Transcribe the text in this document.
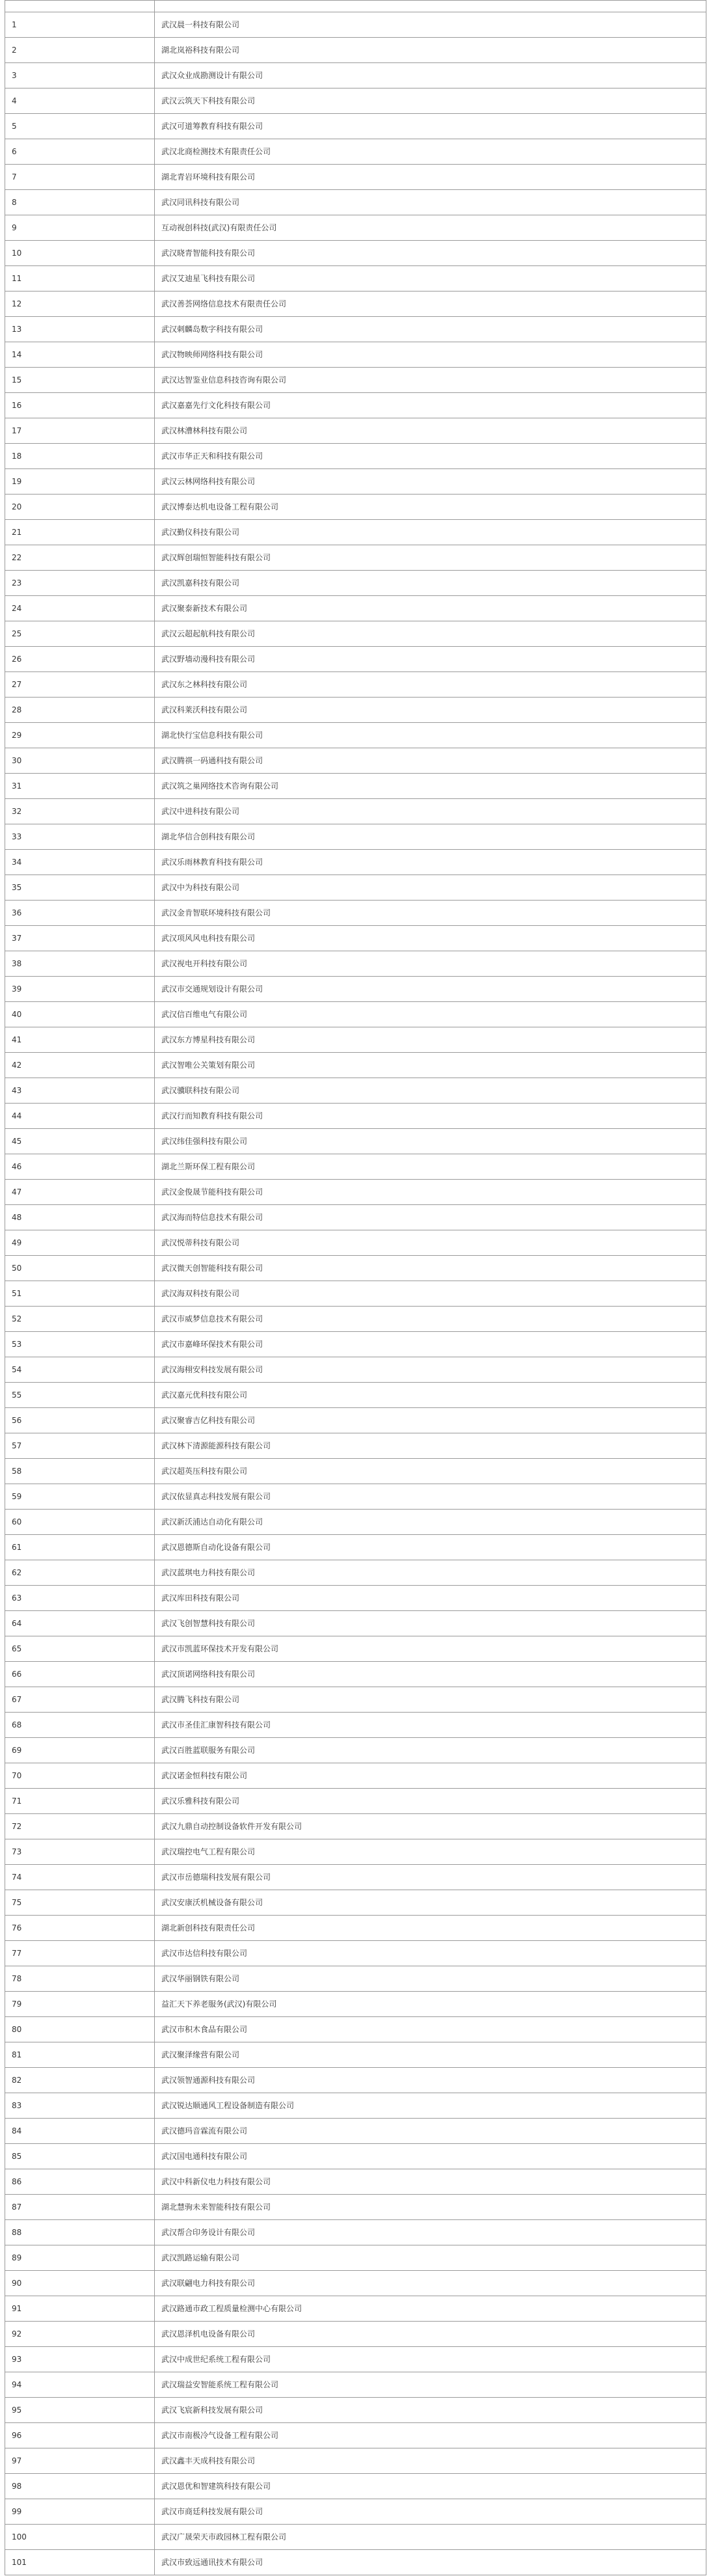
1	武汉晨一科技有限公司
2	湖北岚裕科技有限公司
3	武汉众业成勘测设计有限公司
4	武汉云筑天下科技有限公司
5	武汉可道筹教育科技有限公司
6	武汉北商检测技术有限责任公司
7	湖北青岩环境科技有限公司
8	武汉同讯科技有限公司
9	互动视创科技(武汉)有限责任公司
10	武汉晓青智能科技有限公司
11	武汉艾迪星飞科技有限公司
12	武汉善荟网络信息技术有限责任公司
13	武汉刺麟岛数字科技有限公司
14	武汉物映师网络科技有限公司
15	武汉达智鉴业信息科技咨询有限公司
16	武汉嘉嘉先行文化科技有限公司
17	武汉林漕林科技有限公司
18	武汉市华正天和科技有限公司
19	武汉云林网络科技有限公司
20	武汉博泰达机电设备工程有限公司
21	武汉勤仪科技有限公司
22	武汉辉创瑞恒智能科技有限公司
23	武汉凯嘉科技有限公司
24	武汉聚泰新技术有限公司
25	武汉云超起航科技有限公司
26	武汉野墙动漫科技有限公司
27	武汉东之林科技有限公司
28	武汉科莱沃科技有限公司
29	湖北快行宝信息科技有限公司
30	武汉腾祺一码通科技有限公司
31	武汉筑之巢网络技术咨询有限公司
32	武汉中进科技有限公司
33	湖北华信合创科技有限公司
34	武汉乐雨林教育科技有限公司
35	武汉中为科技有限公司
36	武汉金肯智联环境科技有限公司
37	武汉项风风电科技有限公司
38	武汉视电开科技有限公司
39	武汉市交通规划设计有限公司
40	武汉信百维电气有限公司
41	武汉东方博星科技有限公司
42	武汉智唯公关策划有限公司
43	武汉骥联科技有限公司
44	武汉行而知教育科技有限公司
45	武汉纬佳强科技有限公司
46	湖北兰斯环保工程有限公司
47	武汉金俊晟节能科技有限公司
48	武汉海而特信息技术有限公司
49	武汉悦蒂科技有限公司
50	武汉微天创智能科技有限公司
51	武汉海双科技有限公司
52	武汉市威梦信息技术有限公司
53	武汉市嘉峰环保技术有限公司
54	武汉海栩安科技发展有限公司
55	武汉嘉元优科技有限公司
56	武汉聚睿吉亿科技有限公司
57	武汉林下清源能源科技有限公司
58	武汉超英压科技有限公司
59	武汉依显真志科技发展有限公司
60	武汉新沃浦达自动化有限公司
61	武汉恩德斯自动化设备有限公司
62	武汉蓝琪电力科技有限公司
63	武汉库田科技有限公司
64	武汉飞创智慧科技有限公司
65	武汉市凯蓝环保技术开发有限公司
66	武汉顶诺网络科技有限公司
67	武汉腾飞科技有限公司
68	武汉市圣佳汇康智科技有限公司
69	武汉百胜蓝联服务有限公司
70	武汉诺金恒科技有限公司
71	武汉乐雅科技有限公司
72	武汉九鼎自动控制设备软件开发有限公司
73	武汉瑞控电气工程有限公司
74	武汉市岳德瑞科技发展有限公司
75	武汉安康沃机械设备有限公司
76	湖北新创科技有限责任公司
77	武汉市达信科技有限公司
78	武汉华丽钢铁有限公司
79	益汇天下养老服务(武汉)有限公司
80	武汉市积木食品有限公司
81	武汉聚泽缘营有限公司
82	武汉领智通源科技有限公司
83	武汉锐达顺通风工程设备制造有限公司
84	武汉德玛音霖流有限公司
85	武汉国电通科技有限公司
86	武汉中科新仪电力科技有限公司
87	湖北慧驹未来智能科技有限公司
88	武汉帮合印务设计有限公司
89	武汉凯路运输有限公司
90	武汉联翩电力科技有限公司
91	武汉路通市政工程质量检测中心有限公司
92	武汉恩泽机电设备有限公司
93	武汉中成世纪系统工程有限公司
94	武汉瑞益安智能系统工程有限公司
95	武汉飞宸新科技发展有限公司
96	武汉市南极冷气设备工程有限公司
97	武汉鑫丰天成科技有限公司
98	武汉恩优和智建筑科技有限公司
99	武汉市商廷科技发展有限公司
100	武汉广晟荣天市政园林工程有限公司
101	武汉市致远通讯技术有限公司
